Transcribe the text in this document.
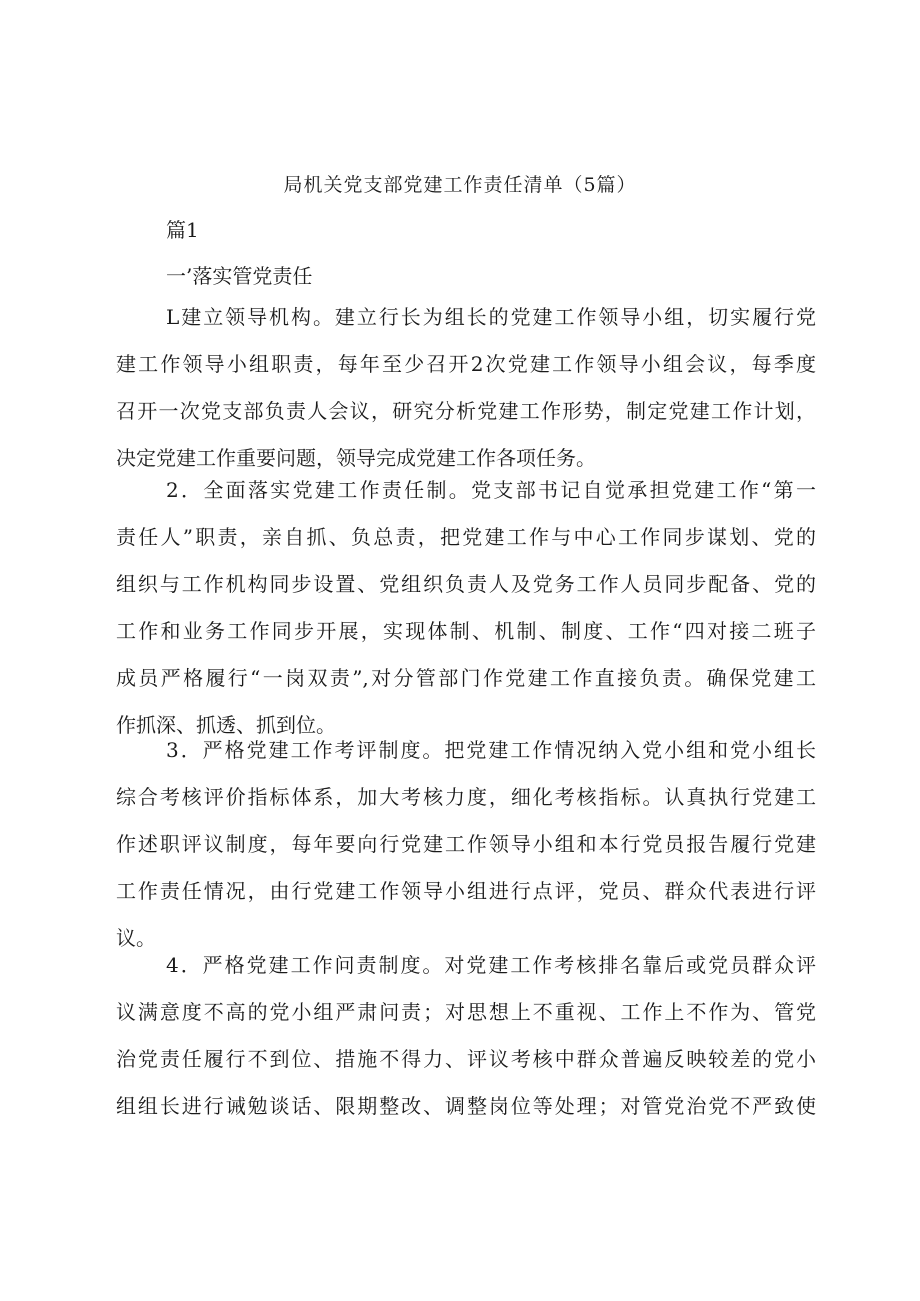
局机关党支部党建工作责任清单（5篇）
篇1
一’落实管党责任
L建立领导机构。建立行长为组长的党建工作领导小组，切实履行党
建工作领导小组职责，每年至少召开2次党建工作领导小组会议，每季度
召开一次党支部负责人会议，研究分析党建工作形势，制定党建工作计划，
决定党建工作重要问题，领导完成党建工作各项任务。
2．全面落实党建工作责任制。党支部书记自觉承担党建工作“第一
责任人”职责，亲自抓、负总责，把党建工作与中心工作同步谋划、党的
组织与工作机构同步设置、党组织负责人及党务工作人员同步配备、党的
工作和业务工作同步开展，实现体制、机制、制度、工作“四对接二班子
成员严格履行“一岗双责”,对分管部门作党建工作直接负责。确保党建工
作抓深、抓透、抓到位。
3．严格党建工作考评制度。把党建工作情况纳入党小组和党小组长
综合考核评价指标体系，加大考核力度，细化考核指标。认真执行党建工
作述职评议制度，每年要向行党建工作领导小组和本行党员报告履行党建
工作责任情况，由行党建工作领导小组进行点评，党员、群众代表进行评
议。
4．严格党建工作问责制度。对党建工作考核排名靠后或党员群众评
议满意度不高的党小组严肃问责；对思想上不重视、工作上不作为、管党
治党责任履行不到位、措施不得力、评议考核中群众普遍反映较差的党小
组组长进行诫勉谈话、限期整改、调整岗位等处理；对管党治党不严致使
